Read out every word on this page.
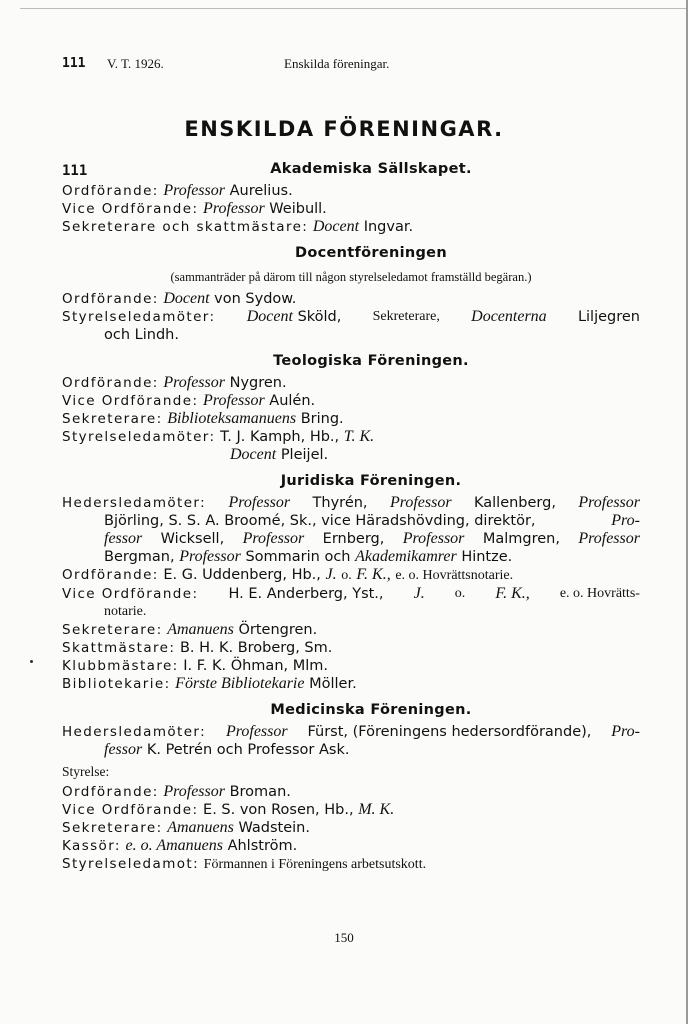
111 V. T. 1926.	Enskilda föreningar.
ENSKILDA FÖRENINGAR.
111	Akademiska Sällskapet.
Ordförande: Professor Aurelius.
Vice Ordförande: Professor Weibull.
Sekreterare och skattmästare: Docent Ingvar.
Docentföreningen
(sammanträder på därom till någon styrelseledamot framställd begäran.)
Ordförande: Docent von Sydow.
Styrelseledamöter: Docent Sköld, Sekreterare, Docenterna Liljegren
och Lindh.
Teologiska Föreningen.
Ordförande: Professor Nygren.
Vice Ordförande: Professor Aulén.
Sekreterare: Biblioteksamanuens Bring.
Styrelseledamöter: T. J. Kamph, Hb., T. K.
Docent Pleijel.
Juridiska Föreningen.
Hedersledamöter: Professor Thyrén, Professor Kallenberg, Professor
Björling, S. S. A. Broomé, Sk., vice Häradshövding, direktör,	Pro-
fessor Wicksell, Professor Ernberg, Professor Malmgren, Professor
Bergman, Professor Sommarin och Akademikamrer Hintze.
Ordförande: E. G. Uddenberg, Hb., J. o. F. K., e. o. Hovrättsnotarie.
Vice Ordförande: H. E. Anderberg, Yst., J. o. F. K., e. o. Hovrätts-
notarie.
Sekreterare: Amanuens Örtengren.
Skattmästare: B. H. K. Broberg, Sm.
Klubbmästare: I. F. K. Öhman, Mlm.
Bibliotekarie: Förste Bibliotekarie Möller.
Medicinska Föreningen.
Hedersledamöter: Professor Fürst, (Föreningens hedersordförande), Pro-
fessor K. Petrén och Professor Ask.
Styrelse:
Ordförande: Professor Broman.
Vice Ordförande: E. S. von Rosen, Hb., M. K.
Sekreterare: Amanuens Wadstein.
Kassör: e. o. Amanuens Ahlström.
Styrelseledamot: Förmannen i Föreningens arbetsutskott.
150
